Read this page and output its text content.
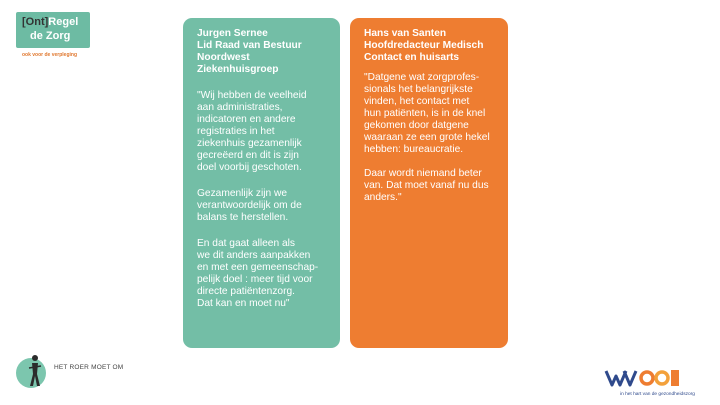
[Ont]Regel
de Zorg
ook voor de verpleging
Jurgen Sernee
Lid Raad van Bestuur
Noordwest
Ziekenhuisgroep

"Wij hebben de veelheid
aan administraties,
indicatoren en andere
registraties in het
ziekenhuis gezamenlijk
gecreëerd en dit is zijn
doel voorbij geschoten.

Gezamenlijk zijn we
verantwoordelijk om de
balans te herstellen.

En dat gaat alleen als
we dit anders aanpakken
en met een gemeenschap-
pelijk doel : meer tijd voor
directe patiëntenzorg.
Dat kan en moet nu"

Hans van Santen
Hoofdredacteur Medisch
Contact en huisarts

"Datgene wat zorgprofes-
sionals het belangrijkste
vinden, het contact met
hun patiënten, is in de knel
gekomen door datgene
waaraan ze een grote hekel
hebben: bureaucratie.

Daar wordt niemand beter
van. Dat moet vanaf nu dus
anders."

HET ROER MOET OM
in het hart van de gezondheidszorg
